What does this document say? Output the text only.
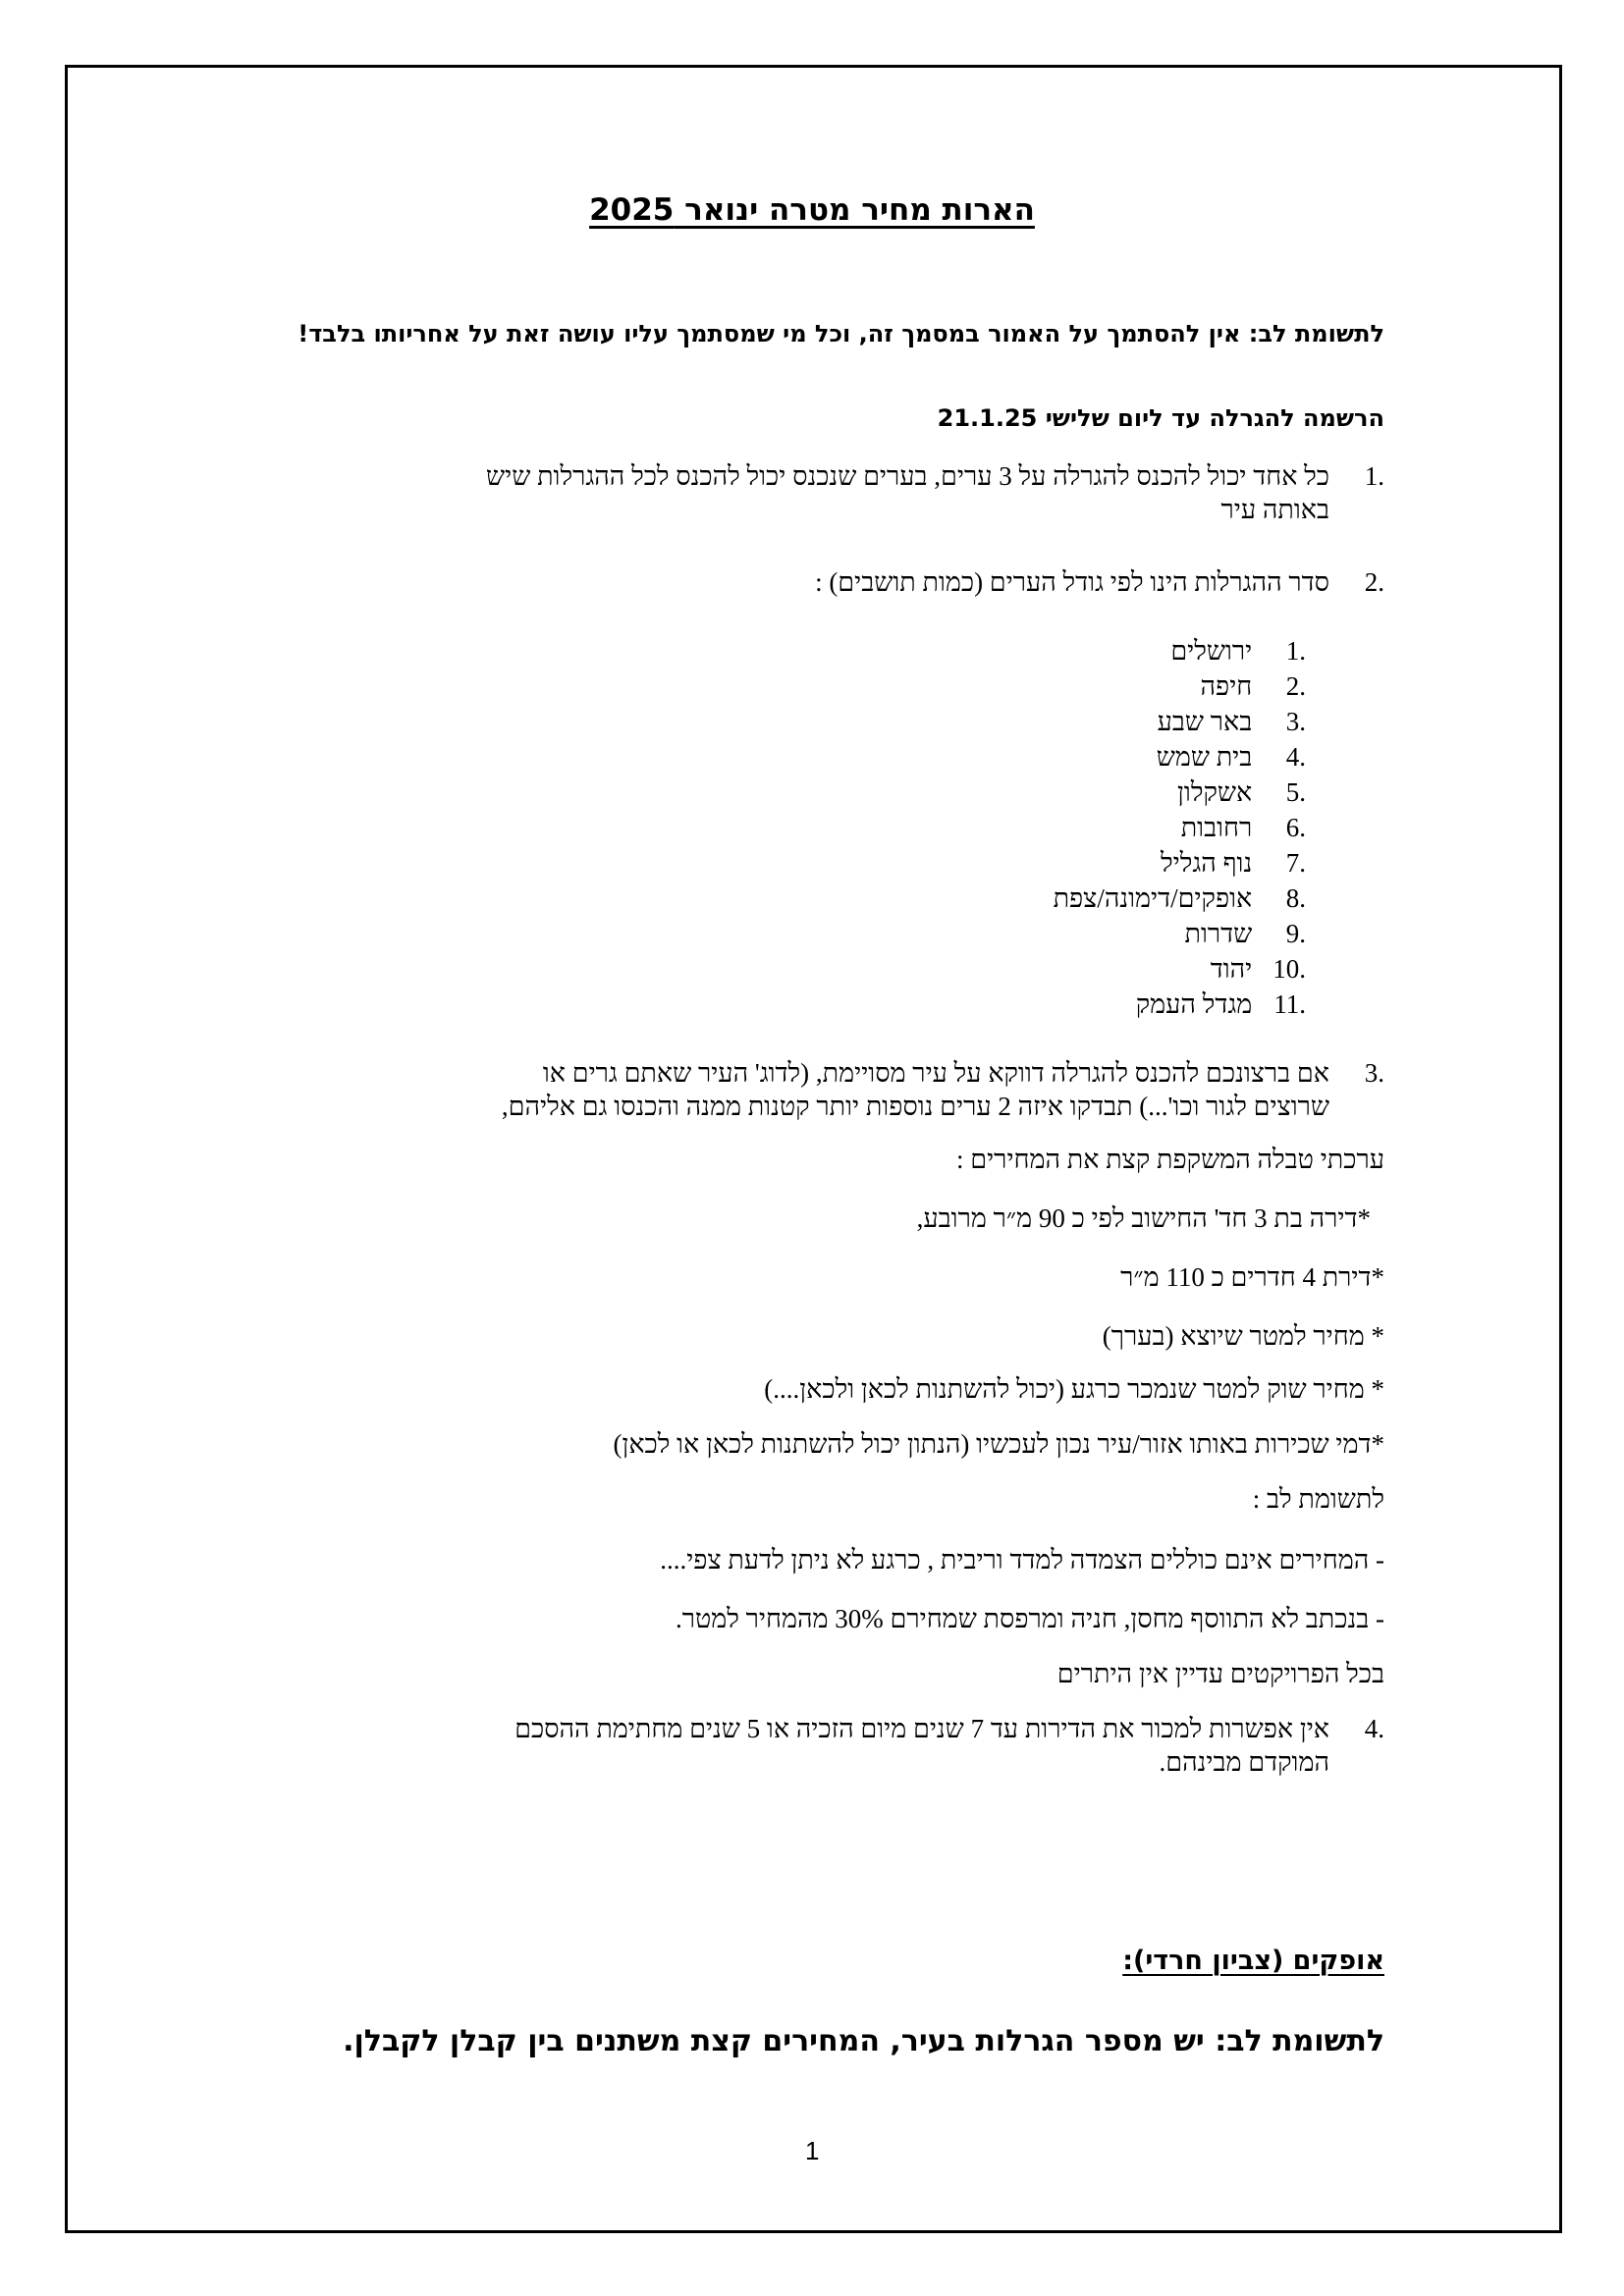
הארות מחיר מטרה ינואר 2025
לתשומת לב: אין להסתמך על האמור במסמך זה, וכל מי שמסתמך עליו עושה זאת על אחריותו בלבד!
הרשמה להגרלה עד ליום שלישי 21.1.25
1.
כל אחד יכול להכנס להגרלה על 3 ערים, בערים שנכנס יכול להכנס לכל ההגרלות שיש
באותה עיר
2.
סדר ההגרלות הינו לפי גודל הערים (כמות תושבים) :
1.

ירושלים
2.

חיפה
3.

באר שבע
4.

בית שמש
5.

אשקלון
6.

רחובות
7.

נוף הגליל
8.

אופקים/דימונה/צפת
9.

שדרות
10.

יהוד
11.

מגדל העמק
3.
אם ברצונכם להכנס להגרלה דווקא על עיר מסויימת, (לדוג' העיר שאתם גרים או
שרוצים לגור וכו'...) תבדקו איזה 2 ערים נוספות יותר קטנות ממנה והכנסו גם אליהם,
ערכתי טבלה המשקפת קצת את המחירים :
*דירה בת 3 חד' החישוב לפי כ 90 מ״ר מרובע,
*דירת 4 חדרים כ 110 מ״ר
* מחיר למטר שיוצא (בערך)
* מחיר שוק למטר שנמכר כרגע (יכול להשתנות לכאן ולכאן....)
*דמי שכירות באותו אזור/עיר נכון לעכשיו (הנתון יכול להשתנות לכאן או לכאן)
לתשומת לב :
- המחירים אינם כוללים הצמדה למדד וריבית , כרגע לא ניתן לדעת צפי....
- בנכתב לא התווסף מחסן, חניה ומרפסת שמחירם 30% מהמחיר למטר.
בכל הפרויקטים עדיין אין היתרים
4.
אין אפשרות למכור את הדירות עד 7 שנים מיום הזכיה או 5 שנים מחתימת ההסכם
המוקדם מבינהם.
אופקים (צביון חרדי):
לתשומת לב: יש מספר הגרלות בעיר, המחירים קצת משתנים בין קבלן לקבלן.
1
